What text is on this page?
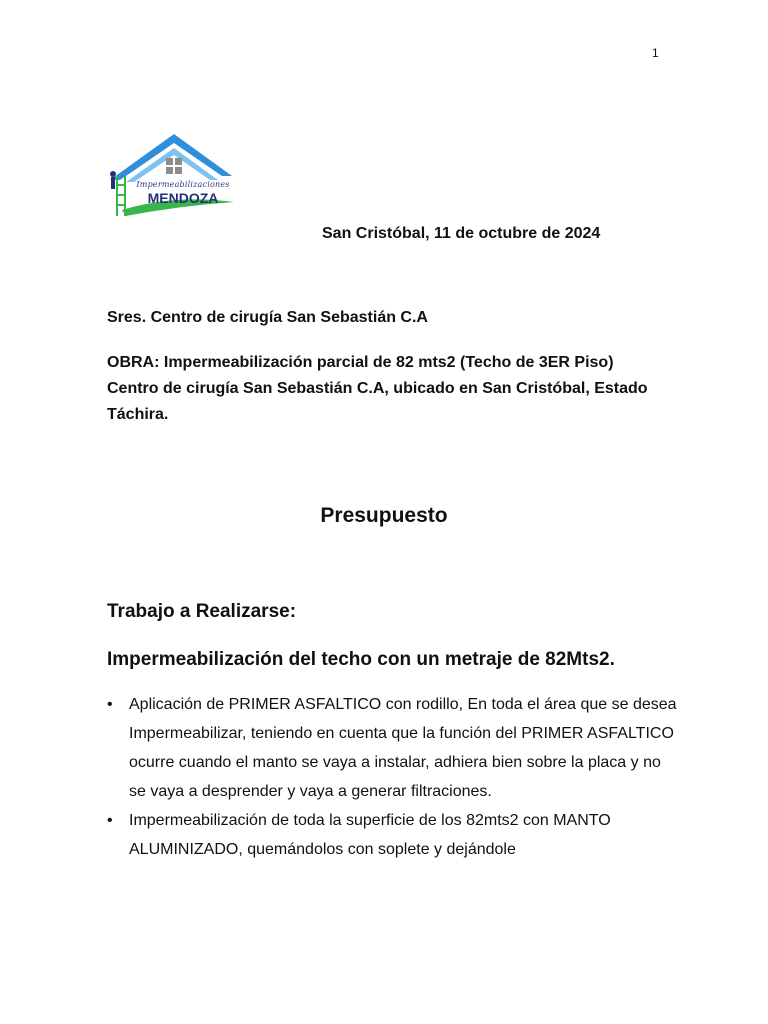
1
Impermeabilizaciones
MENDOZA
San Cristóbal, 11 de octubre de 2024
Sres. Centro de cirugía San Sebastián C.A
OBRA: Impermeabilización parcial de 82 mts2 (Techo de 3ER Piso) Centro de cirugía San Sebastián C.A, ubicado en San Cristóbal, Estado Táchira.
Presupuesto
Trabajo a Realizarse:
Impermeabilización del techo con un metraje de 82Mts2.
• Aplicación de PRIMER ASFALTICO con rodillo, En toda el área que se desea Impermeabilizar, teniendo en cuenta que la función del PRIMER ASFALTICO ocurre cuando el manto se vaya a instalar, adhiera bien sobre la placa y no se vaya a desprender y vaya a generar filtraciones.
• Impermeabilización de toda la superficie de los 82mts2 con MANTO ALUMINIZADO, quemándolos con soplete y dejándole
